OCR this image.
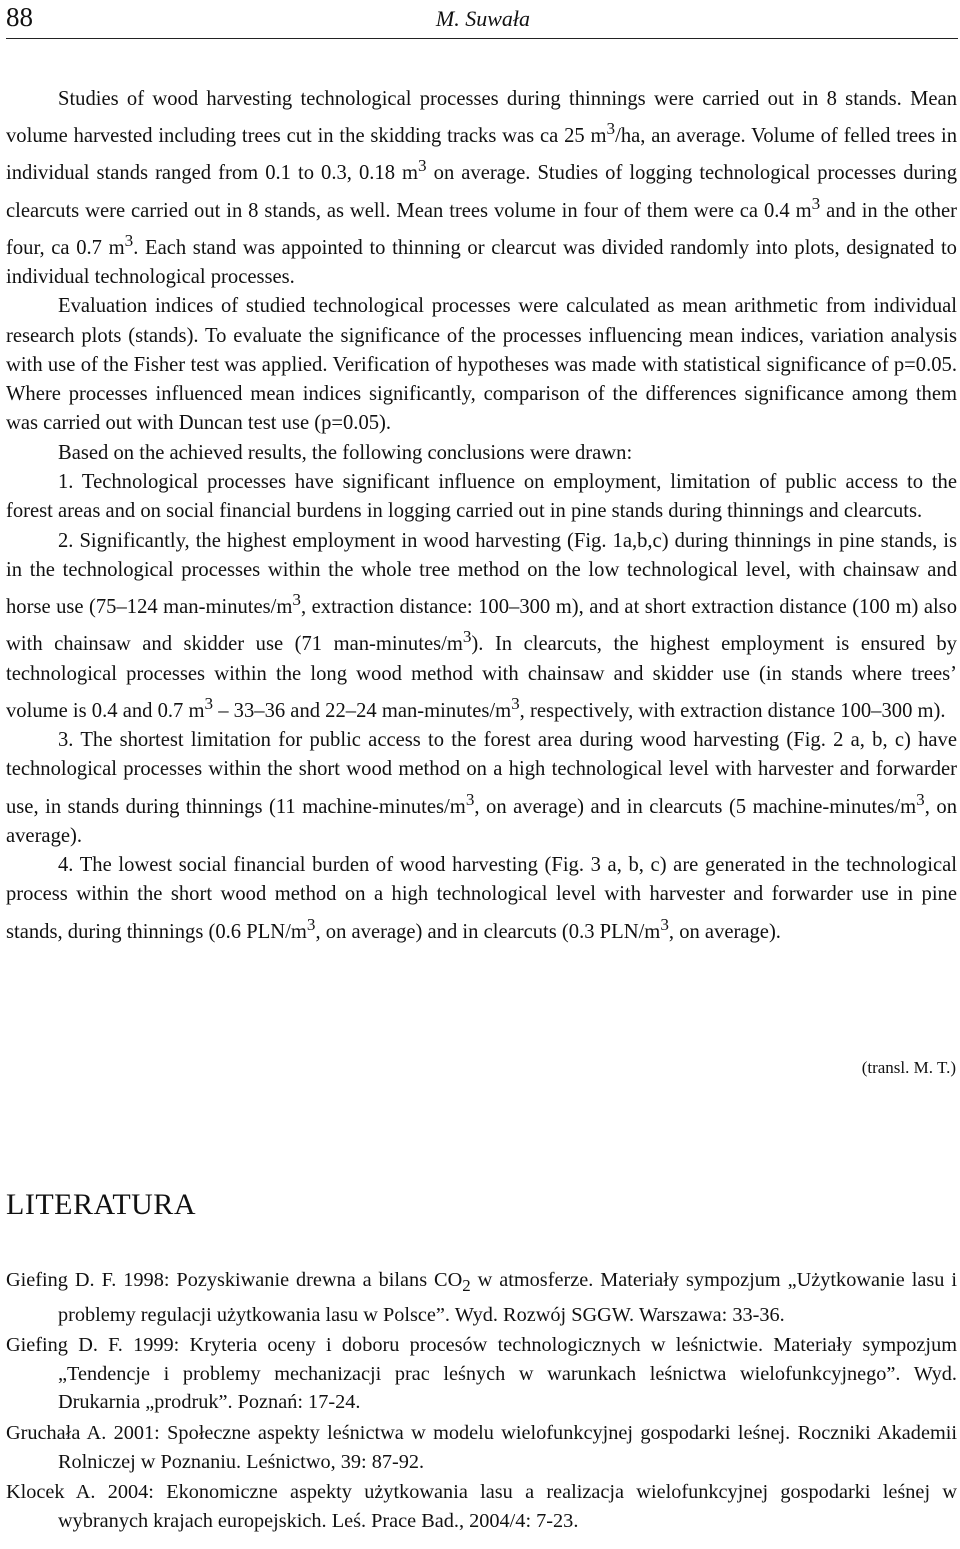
88	M. Suwała

Studies of wood harvesting technological processes during thinnings were carried out in 8 stands. Mean volume harvested including trees cut in the skidding tracks was ca 25 $m^3/ha$, an average. Volume of felled trees in individual stands ranged from 0.1 to 0.3, 0.18 $m^3$ on average. Studies of logging technological processes during clearcuts were carried out in 8 stands, as well. Mean trees volume in four of them were ca 0.4 $m^3$ and in the other four, ca 0.7 $m^3$. Each stand was appointed to thinning or clearcut was divided randomly into plots, designated to individual technological processes.

Evaluation indices of studied technological processes were calculated as mean arithmetic from individual research plots (stands). To evaluate the significance of the processes influencing mean indices, variation analysis with use of the Fisher test was applied. Verification of hypotheses was made with statistical significance of p=0.05. Where processes influenced mean indices significantly, comparison of the differences significance among them was carried out with Duncan test use (p=0.05).

Based on the achieved results, the following conclusions were drawn:

1. Technological processes have significant influence on employment, limitation of public access to the forest areas and on social financial burdens in logging carried out in pine stands during thinnings and clearcuts.

2. Significantly, the highest employment in wood harvesting (Fig. 1a,b,c) during thinnings in pine stands, is in the technological processes within the whole tree method on the low technological level, with chainsaw and horse use (75–124 man-$minutes/m^3$, extraction distance: 100–300 m), and at short extraction distance (100 m) also with chainsaw and skidder use (71 man-$minutes/m^3$). In clearcuts, the highest employment is ensured by technological processes within the long wood method with chainsaw and skidder use (in stands where trees’ volume is 0.4 and 0.7 $m^3 - 33-36$ and 22–24 man-$minutes/m^3$, respectively, with extraction distance 100–300 m).

3. The shortest limitation for public access to the forest area during wood harvesting (Fig. 2 a, b, c) have technological processes within the short wood method on a high technological level with harvester and forwarder use, in stands during thinnings (11 machine-$minutes/m^3$, on average) and in clearcuts (5 machine-$minutes/m^3$, on average).

4. The lowest social financial burden of wood harvesting (Fig. 3 a, b, c) are generated in the technological process within the short wood method on a high technological level with harvester and forwarder use in pine stands, during thinnings (0.6 PLN/$m^3$, on average) and in clearcuts (0.3 PLN/$m^3$, on average).

(transl. M. T.)
LITERATURA

Giefing D. F. 1998: Pozyskiwanie drewna a bilans $CO_2$ w atmosferze. Materiały sympozjum „Użytkowanie lasu i problemy regulacji użytkowania lasu w Polsce”. Wyd. Rozwój SGGW. Warszawa: 33-36.

Giefing D. F. 1999: Kryteria oceny i doboru procesów technologicznych w leśnictwie. Materiały sympozjum „Tendencje i problemy mechanizacji prac leśnych w warunkach leśnictwa wielofunkcyjnego”. Wyd. Drukarnia „prodruk”. Poznań: 17-24.

Gruchała A. 2001: Społeczne aspekty leśnictwa w modelu wielofunkcyjnej gospodarki leśnej. Roczniki Akademii Rolniczej w Poznaniu. Leśnictwo, 39: 87-92.

Klocek A. 2004: Ekonomiczne aspekty użytkowania lasu a realizacja wielofunkcyjnej gospodarki leśnej w wybranych krajach europejskich. Leś. Prace Bad., 2004/4: 7-23.
